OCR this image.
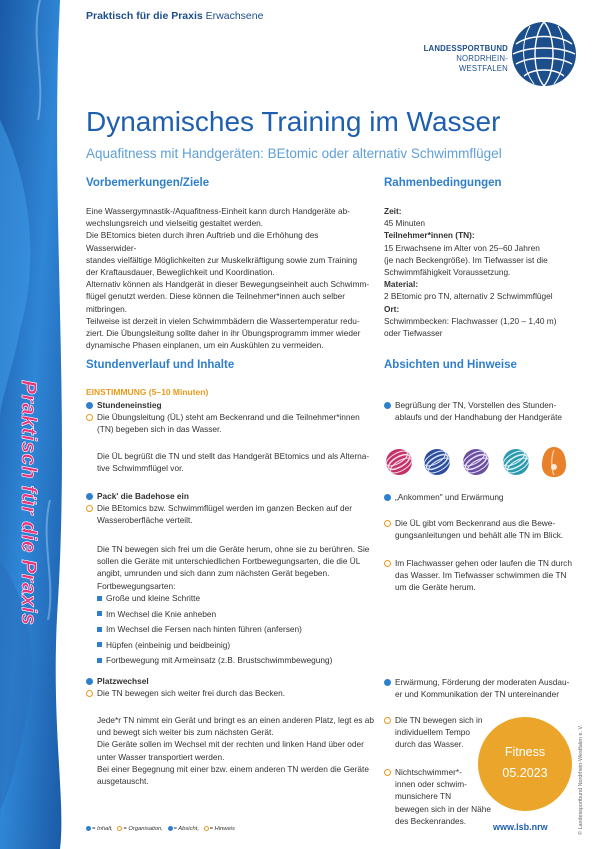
Praktisch für die Praxis
Praktisch für die Praxis Erwachsene
LANDESSPORTBUND
NORDRHEIN-WESTFALEN
Dynamisches Training im Wasser
Aquafitness mit Handgeräten: BEtomic oder alternativ Schwimmflügel
Vorbemerkungen/Ziele

Eine Wassergymnastik-/Aquafitness-Einheit kann durch Handgeräte ab-

wechslungsreich und vielseitig gestaltet werden.

Die BEtomics bieten durch ihren Auftrieb und die Erhöhung des Wasserwider-

standes vielfältige Möglichkeiten zur Muskelkräftigung sowie zum Training

der Kraftausdauer, Beweglichkeit und Koordination.

Alternativ können als Handgerät in dieser Bewegungseinheit auch Schwimm-

flügel genutzt werden. Diese können die Teilnehmer*innen auch selber

mitbringen.

Teilweise ist derzeit in vielen Schwimmbädern die Wassertemperatur redu-

ziert. Die Übungsleitung sollte daher in ihr Übungsprogramm immer wieder

dynamische Phasen einplanen, um ein Auskühlen zu vermeiden.

Rahmenbedingungen

Zeit:

45 Minuten

Teilnehmer*innen (TN):

15 Erwachsene im Alter von 25–60 Jahren

(je nach Beckengröße). Im Tiefwasser ist die

Schwimmfähigkeit Voraussetzung.

Material:

2 BEtomic pro TN, alternativ 2 Schwimmflügel

Ort:

Schwimmbecken: Flachwasser (1,20 – 1,40 m)

oder Tiefwasser

Stundenverlauf und Inhalte	Absichten und Hinweise
EINSTIMMUNG (5–10 Minuten)
Stundeneinstieg
Die Übungsleitung (ÜL) steht am Beckenrand und die Teilnehmer*innen
(TN) begeben sich in das Wasser.
Die ÜL begrüßt die TN und stellt das Handgerät BEtomics und als Alterna-
tive Schwimmflügel vor.
Pack' die Badehose ein
Die BEtomics bzw. Schwimmflügel werden im ganzen Becken auf der
Wasseroberfläche verteilt.
Die TN bewegen sich frei um die Geräte herum, ohne sie zu berühren. Sie
sollen die Geräte mit unterschiedlichen Fortbewegungsarten, die die ÜL
angibt, umrunden und sich dann zum nächsten Gerät begeben.
Fortbewegungsarten:
Große und kleine Schritte
Im Wechsel die Knie anheben
Im Wechsel die Fersen nach hinten führen (anfersen)
Hüpfen (einbeinig und beidbeinig)
Fortbewegung mit Armeinsatz (z.B. Brustschwimmbewegung)
Platzwechsel
Die TN bewegen sich weiter frei durch das Becken.
Jede*r TN nimmt ein Gerät und bringt es an einen anderen Platz, legt es ab
und bewegt sich weiter bis zum nächsten Gerät.
Die Geräte sollen im Wechsel mit der rechten und linken Hand über oder
unter Wasser transportiert werden.
Bei einer Begegnung mit einer bzw. einem anderen TN werden die Geräte
ausgetauscht.
Begrüßung der TN, Vorstellen des Stunden-
ablaufs und der Handhabung der Handgeräte
„Ankommen" und Erwärmung
Die ÜL gibt vom Beckenrand aus die Bewe-
gungsanleitungen und behält alle TN im Blick.
Im Flachwasser gehen oder laufen die TN durch
das Wasser. Im Tiefwasser schwimmen die TN
um die Geräte herum.
Erwärmung, Förderung der moderaten Ausdau-
er und Kommunikation der TN untereinander
Die TN bewegen sich in
individuellem Tempo
durch das Wasser.
Nichtschwimmer*-
innen oder schwim-
munsichere TN
bewegen sich in der Nähe
des Beckenrandes.
Fitness
05.2023
www.lsb.nrw	© Landessportbund Nordrhein-Westfalen e. V.
= Inhalt, = Organisation, = Absicht, = Hinweis
